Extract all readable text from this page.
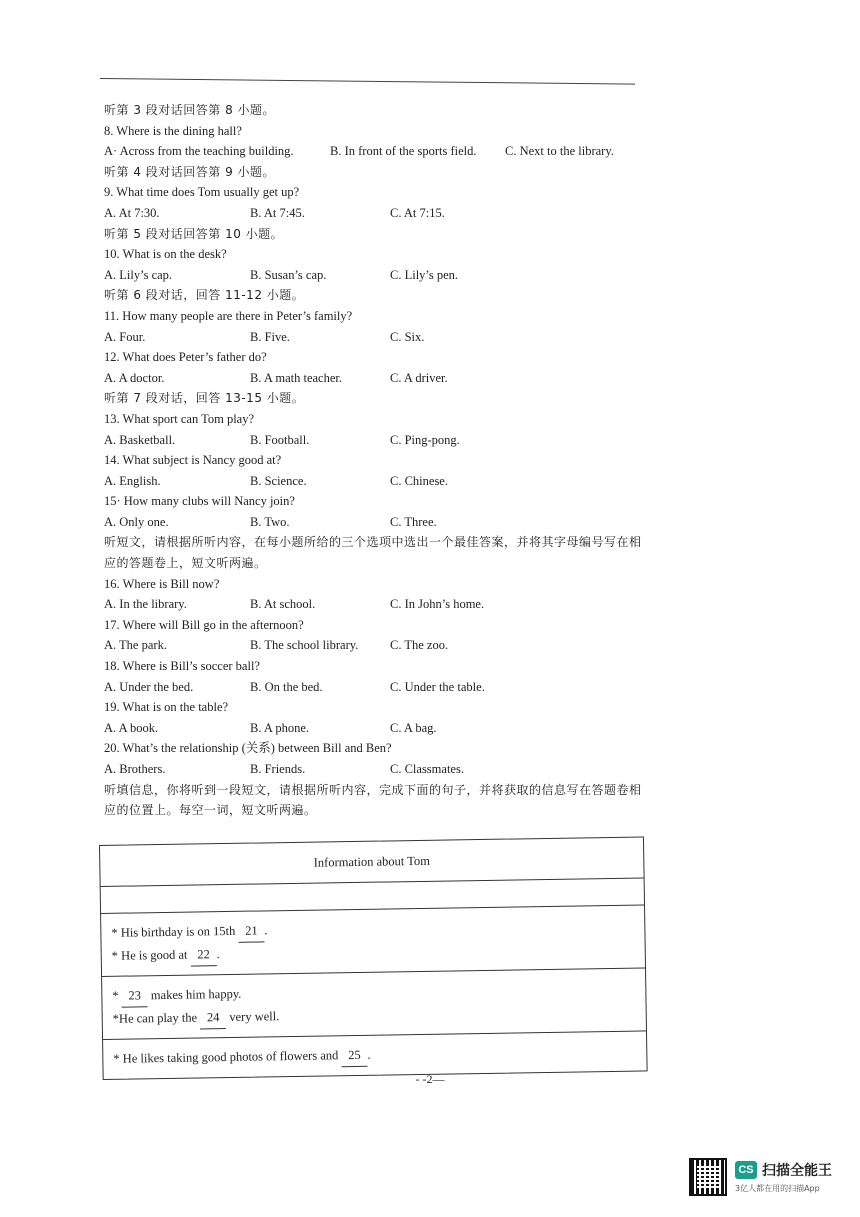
听第 3 段对话回答第 8 小题。
8. Where is the dining hall?
A· Across from the teaching building.	B. In front of the sports field.	C. Next to the library.
听第 4 段对话回答第 9 小题。
9. What time does Tom usually get up?
A. At 7:30.	B. At 7:45.	C. At 7:15.
听第 5 段对话回答第 10 小题。
10. What is on the desk?
A. Lily’s cap.	B. Susan’s cap.	C. Lily’s pen.
听第 6 段对话，回答 11-12 小题。
11. How many people are there in Peter’s family?
A. Four.	B. Five.	C. Six.
12. What does Peter’s father do?
A. A doctor.	B. A math teacher.	C. A driver.
听第 7 段对话，回答 13-15 小题。
13. What sport can Tom play?
A. Basketball.	B. Football.	C. Ping-pong.
14. What subject is Nancy good at?
A. English.	B. Science.	C. Chinese.
15· How many clubs will Nancy join?
A. Only one.	B. Two.	C. Three.
听短文，请根据所听内容，在每小题所给的三个选项中选出一个最佳答案，并将其字母编号写在相应的答题卷上，短文听两遍。
16. Where is Bill now?
A. In the library.	B. At school.	C. In John’s home.
17. Where will Bill go in the afternoon?
A. The park.	B. The school library.	C. The zoo.
18. Where is Bill’s soccer ball?
A. Under the bed.	B. On the bed.	C. Under the table.
19. What is on the table?
A. A book.	B. A phone.	C. A bag.
20. What’s the relationship (关系) between Bill and Ben?
A. Brothers.	B. Friends.	C. Classmates.
听填信息，你将听到一段短文，请根据所听内容，完成下面的句子，并将获取的信息写在答题卷相应的位置上。每空一词，短文听两遍。
Information about Tom
* His birthday is on 15th 21 .
* He is good at 22 .
* 23 makes him happy.
*He can play the 24 very well.
* He likes taking good photos of flowers and 25 .
- -2—
CS 扫描全能王
3亿人都在用的扫描App
